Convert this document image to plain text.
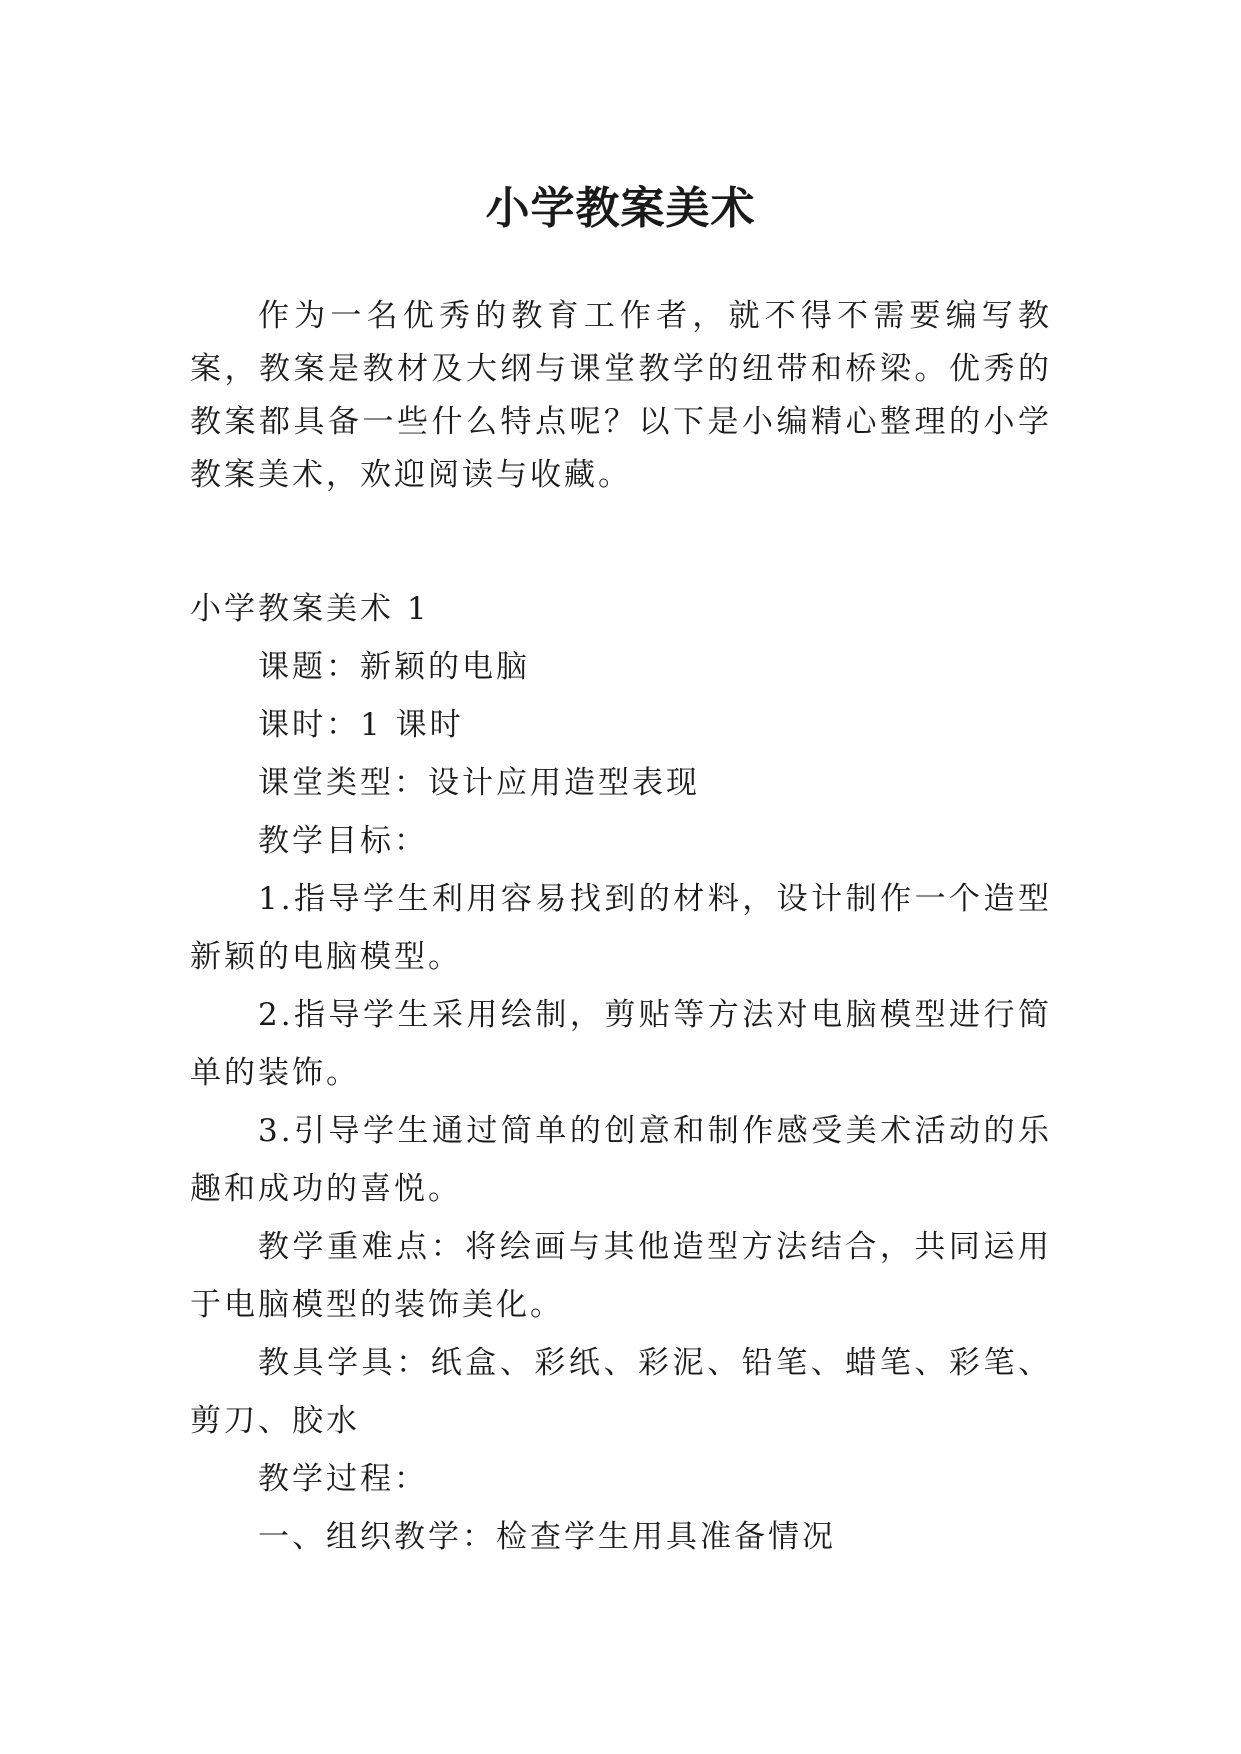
小学教案美术

作为一名优秀的教育工作者，就不得不需要编写教案，教案是教材及大纲与课堂教学的纽带和桥梁。优秀的教案都具备一些什么特点呢？以下是小编精心整理的小学教案美术，欢迎阅读与收藏。

小学教案美术 1

课题：新颖的电脑

课时：1 课时

课堂类型：设计应用造型表现

教学目标：

1.指导学生利用容易找到的材料，设计制作一个造型新颖的电脑模型。

2.指导学生采用绘制，剪贴等方法对电脑模型进行简单的装饰。

3.引导学生通过简单的创意和制作感受美术活动的乐趣和成功的喜悦。

教学重难点：将绘画与其他造型方法结合，共同运用于电脑模型的装饰美化。

教具学具：纸盒、彩纸、彩泥、铅笔、蜡笔、彩笔、剪刀、胶水

教学过程：

一、组织教学：检查学生用具准备情况
